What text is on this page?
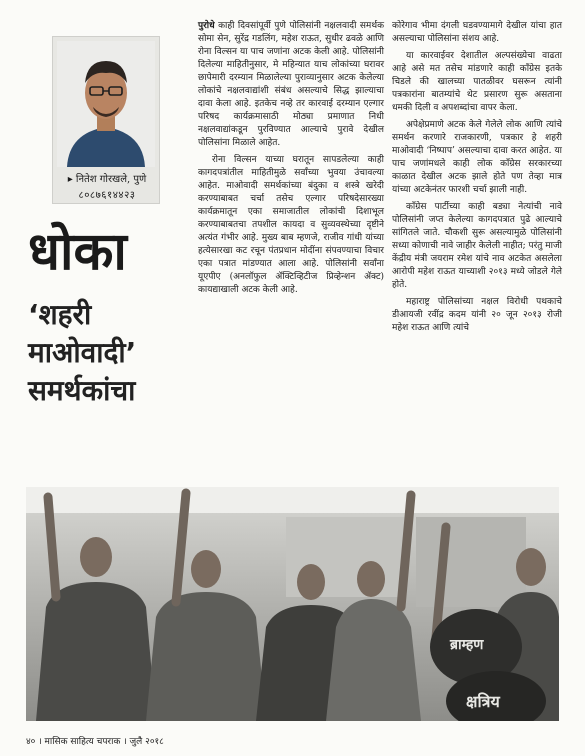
▸ नितेश गोरखले, पुणे
८०८७६१४४२३
धोका
‘शहरी माओवादी’ समर्थकांचा

पुरोधे काही दिवसांपूर्वी पुणे पोलिसांनी नक्षलवादी समर्थक सोमा सेन, सुरेंद्र गडलिंग, महेश राऊत, सुधीर ढवळे आणि रोना विल्सन या पाच जणांना अटक केली आहे. पोलिसांनी दिलेल्या माहितीनुसार, मे महिन्यात याच लोकांच्या घरावर छापेमारी दरम्यान मिळालेल्या पुराव्यानुसार अटक केलेल्या लोकांचे नक्षलवाद्यांशी संबंध असल्याचे सिद्ध झाल्याचा दावा केला आहे. इतकेच नव्हे तर कारवाई दरम्यान एल्गार परिषद कार्यक्रमासाठी मोठ्या प्रमाणात निधी नक्षलवाद्यांकडून पुरविण्यात आल्याचे पुरावे देखील पोलिसांना मिळाले आहेत.

रोना विल्सन याच्या घरातून सापडलेल्या काही कागदपत्रांतील माहितीमुळे सर्वांच्या भुवया उंचावल्या आहेत. माओवादी समर्थकांच्या बंदुका व शस्त्रे खरेदी करण्याबाबत चर्चा तसेच एल्गार परिषदेसारख्या कार्यक्रमातून एका समाजातील लोकांची दिशाभूल करण्याबाबतचा तपशील कायदा व सुव्यवस्थेच्या दृष्टीने अत्यंत गंभीर आहे. मुख्य बाब म्हणजे, राजीव गांधी यांच्या हत्येसारखा कट रचून पंतप्रधान मोदींना संपवण्याचा विचार एका पत्रात मांडण्यात आला आहे. पोलिसांनी सर्वांना यूएपीए (अनलॉफुल ॲक्टिव्हिटीज प्रिव्हेन्शन ॲक्ट) कायद्याखाली अटक केली आहे.

कोरेगाव भीमा दंगली घडवण्यामागे देखील यांचा हात असल्याचा पोलिसांना संशय आहे.

या कारवाईवर देशातील अल्पसंख्येचा वाढता आहे असे मत तसेच मांडणारे काही काँग्रेस इतके चिडले की खालच्या पातळीवर घसरून त्यांनी पत्रकारांना बातम्यांचे थेट प्रसारण सुरू असताना धमकी दिली व अपशब्दांचा वापर केला.

अपेक्षेप्रमाणे अटक केले गेलेले लोक आणि त्यांचे समर्थन करणारे राजकारणी, पत्रकार हे शहरी माओवादी ‘निष्पाप’ असल्याचा दावा करत आहेत. या पाच जणांमधले काही लोक काँग्रेस सरकारच्या काळात देखील अटक झाले होते पण तेव्हा मात्र यांच्या अटकेनंतर फारशी चर्चा झाली नाही.

काँग्रेस पार्टीच्या काही बड्या नेत्यांची नावे पोलिसांनी जप्त केलेल्या कागदपत्रात पुढे आल्याचे सांगितले जाते. चौकशी सुरू असल्यामुळे पोलिसांनी सध्या कोणाची नावे जाहीर केलेली नाहीत; परंतु माजी केंद्रीय मंत्री जयराम रमेश यांचे नाव अटकेत असलेला आरोपी महेश राऊत याच्याशी २०१३ मध्ये जोडले गेले होते.

महाराष्ट्र पोलिसांच्या नक्षल विरोधी पथकाचे डीआयजी रवींद्र कदम यांनी २० जून २०१३ रोजी महेश राऊत आणि त्यांचे

ब्राम्हण
क्षत्रिय
४० । मासिक साहित्य चपराक । जुलै २०१८
